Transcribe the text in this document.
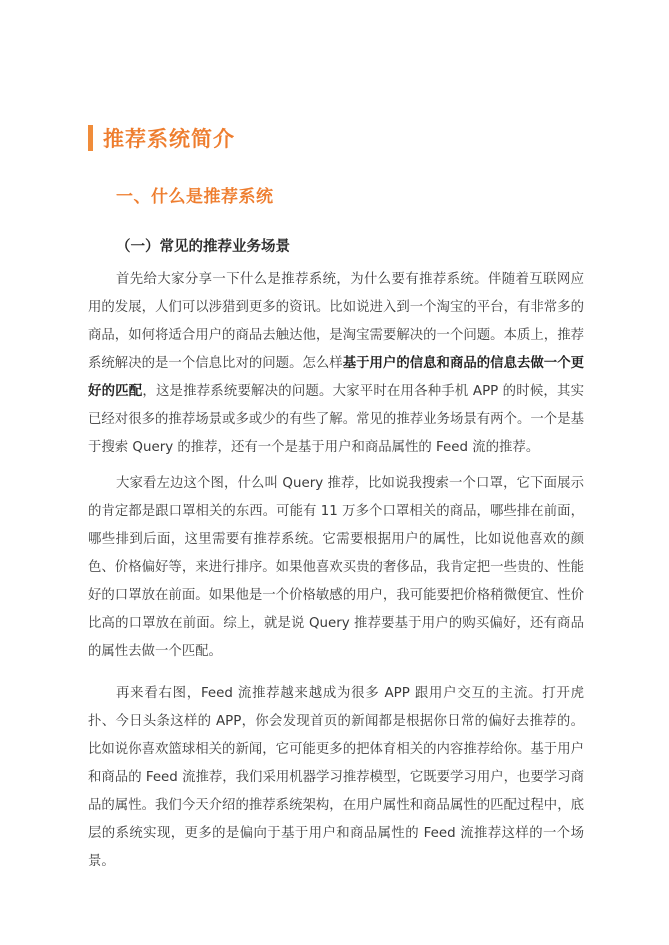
推荐系统简介
一、什么是推荐系统
（一）常见的推荐业务场景

首先给大家分享一下什么是推荐系统，为什么要有推荐系统。伴随着互联网应用的发展，人们可以涉猎到更多的资讯。比如说进入到一个淘宝的平台，有非常多的商品，如何将适合用户的商品去触达他，是淘宝需要解决的一个问题。本质上，推荐系统解决的是一个信息比对的问题。怎么样基于用户的信息和商品的信息去做一个更好的匹配，这是推荐系统要解决的问题。大家平时在用各种手机 APP 的时候，其实已经对很多的推荐场景或多或少的有些了解。常见的推荐业务场景有两个。一个是基于搜索 Query 的推荐，还有一个是基于用户和商品属性的 Feed 流的推荐。

大家看左边这个图，什么叫 Query 推荐，比如说我搜索一个口罩，它下面展示的肯定都是跟口罩相关的东西。可能有 11 万多个口罩相关的商品，哪些排在前面，哪些排到后面，这里需要有推荐系统。它需要根据用户的属性，比如说他喜欢的颜色、价格偏好等，来进行排序。如果他喜欢买贵的奢侈品，我肯定把一些贵的、性能好的口罩放在前面。如果他是一个价格敏感的用户，我可能要把价格稍微便宜、性价比高的口罩放在前面。综上，就是说 Query 推荐要基于用户的购买偏好，还有商品的属性去做一个匹配。

再来看右图，Feed 流推荐越来越成为很多 APP 跟用户交互的主流。打开虎扑、今日头条这样的 APP，你会发现首页的新闻都是根据你日常的偏好去推荐的。比如说你喜欢篮球相关的新闻，它可能更多的把体育相关的内容推荐给你。基于用户和商品的 Feed 流推荐，我们采用机器学习推荐模型，它既要学习用户，也要学习商品的属性。我们今天介绍的推荐系统架构，在用户属性和商品属性的匹配过程中，底层的系统实现，更多的是偏向于基于用户和商品属性的 Feed 流推荐这样的一个场景。
